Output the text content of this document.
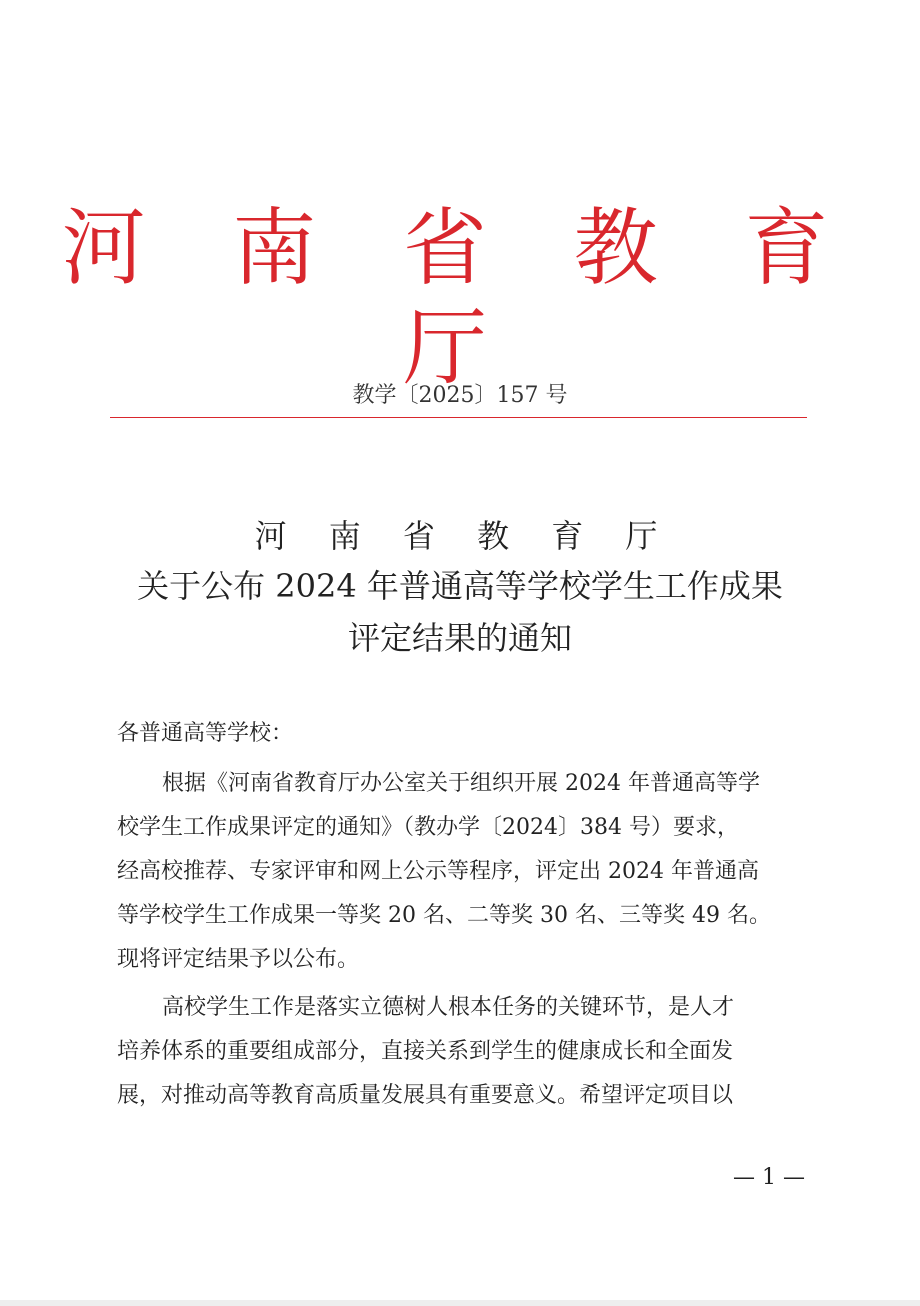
河 南 省 教 育 厅
教学〔2025〕157 号
河 南 省 教 育 厅
关于公布 2024 年普通高等学校学生工作成果
评定结果的通知
各普通高等学校：
根据《河南省教育厅办公室关于组织开展 2024 年普通高等学
校学生工作成果评定的通知》（教办学〔2024〕384 号）要求，
经高校推荐、专家评审和网上公示等程序，评定出 2024 年普通高
等学校学生工作成果一等奖 20 名、二等奖 30 名、三等奖 49 名。
现将评定结果予以公布。
高校学生工作是落实立德树人根本任务的关键环节，是人才
培养体系的重要组成部分，直接关系到学生的健康成长和全面发
展，对推动高等教育高质量发展具有重要意义。希望评定项目以
— 1 —
